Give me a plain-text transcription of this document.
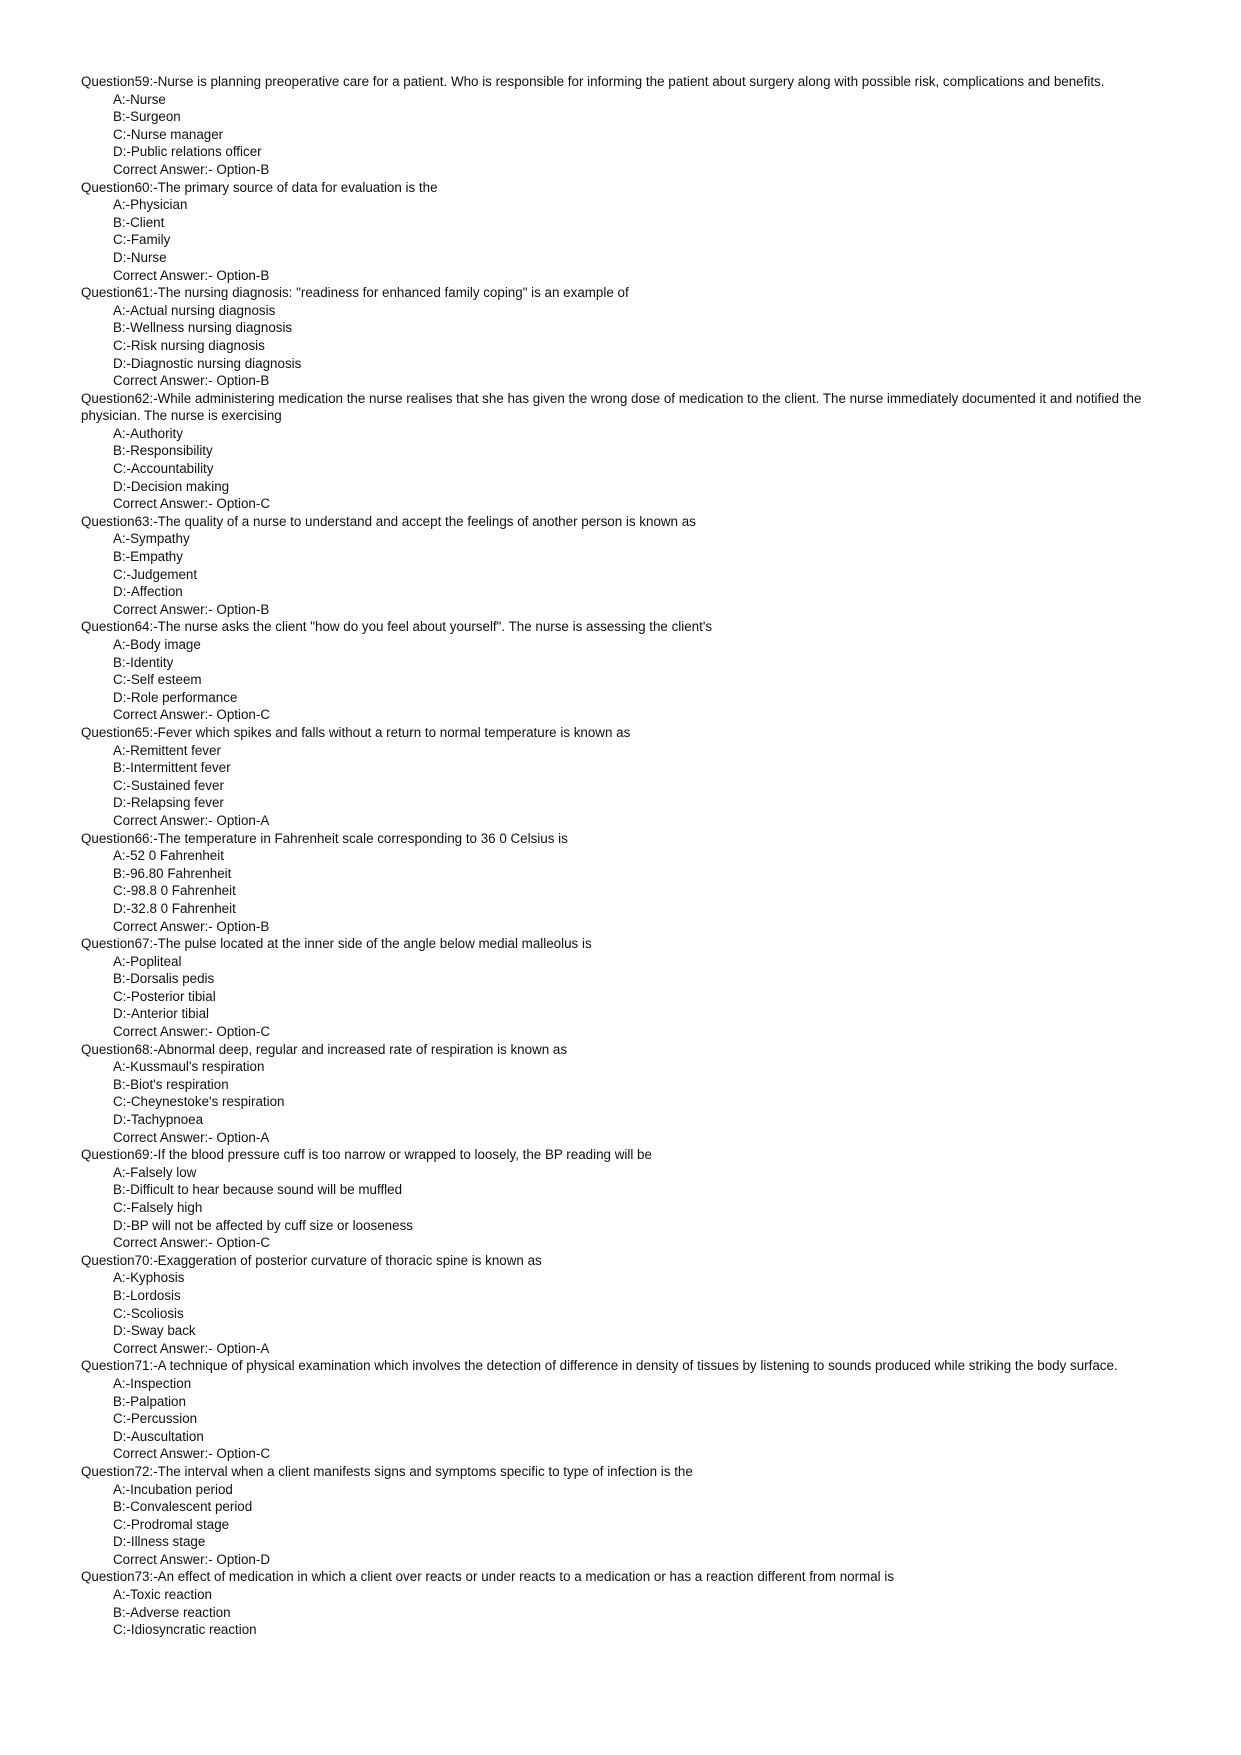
Question59:-Nurse is planning preoperative care for a patient. Who is responsible for informing the patient about surgery along with possible risk, complications and benefits.
A:-Nurse
B:-Surgeon
C:-Nurse manager
D:-Public relations officer
Correct Answer:- Option-B
Question60:-The primary source of data for evaluation is the
A:-Physician
B:-Client
C:-Family
D:-Nurse
Correct Answer:- Option-B
Question61:-The nursing diagnosis: "readiness for enhanced family coping" is an example of
A:-Actual nursing diagnosis
B:-Wellness nursing diagnosis
C:-Risk nursing diagnosis
D:-Diagnostic nursing diagnosis
Correct Answer:- Option-B
Question62:-While administering medication the nurse realises that she has given the wrong dose of medication to the client. The nurse immediately documented it and notified the physician. The nurse is exercising
A:-Authority
B:-Responsibility
C:-Accountability
D:-Decision making
Correct Answer:- Option-C
Question63:-The quality of a nurse to understand and accept the feelings of another person is known as
A:-Sympathy
B:-Empathy
C:-Judgement
D:-Affection
Correct Answer:- Option-B
Question64:-The nurse asks the client "how do you feel about yourself". The nurse is assessing the client's
A:-Body image
B:-Identity
C:-Self esteem
D:-Role performance
Correct Answer:- Option-C
Question65:-Fever which spikes and falls without a return to normal temperature is known as
A:-Remittent fever
B:-Intermittent fever
C:-Sustained fever
D:-Relapsing fever
Correct Answer:- Option-A
Question66:-The temperature in Fahrenheit scale corresponding to 36 0 Celsius is
A:-52 0 Fahrenheit
B:-96.80 Fahrenheit
C:-98.8 0 Fahrenheit
D:-32.8 0 Fahrenheit
Correct Answer:- Option-B
Question67:-The pulse located at the inner side of the angle below medial malleolus is
A:-Popliteal
B:-Dorsalis pedis
C:-Posterior tibial
D:-Anterior tibial
Correct Answer:- Option-C
Question68:-Abnormal deep, regular and increased rate of respiration is known as
A:-Kussmaul's respiration
B:-Biot's respiration
C:-Cheynestoke's respiration
D:-Tachypnoea
Correct Answer:- Option-A
Question69:-If the blood pressure cuff is too narrow or wrapped to loosely, the BP reading will be
A:-Falsely low
B:-Difficult to hear because sound will be muffled
C:-Falsely high
D:-BP will not be affected by cuff size or looseness
Correct Answer:- Option-C
Question70:-Exaggeration of posterior curvature of thoracic spine is known as
A:-Kyphosis
B:-Lordosis
C:-Scoliosis
D:-Sway back
Correct Answer:- Option-A
Question71:-A technique of physical examination which involves the detection of difference in density of tissues by listening to sounds produced while striking the body surface.
A:-Inspection
B:-Palpation
C:-Percussion
D:-Auscultation
Correct Answer:- Option-C
Question72:-The interval when a client manifests signs and symptoms specific to type of infection is the
A:-Incubation period
B:-Convalescent period
C:-Prodromal stage
D:-Illness stage
Correct Answer:- Option-D
Question73:-An effect of medication in which a client over reacts or under reacts to a medication or has a reaction different from normal is
A:-Toxic reaction
B:-Adverse reaction
C:-Idiosyncratic reaction
